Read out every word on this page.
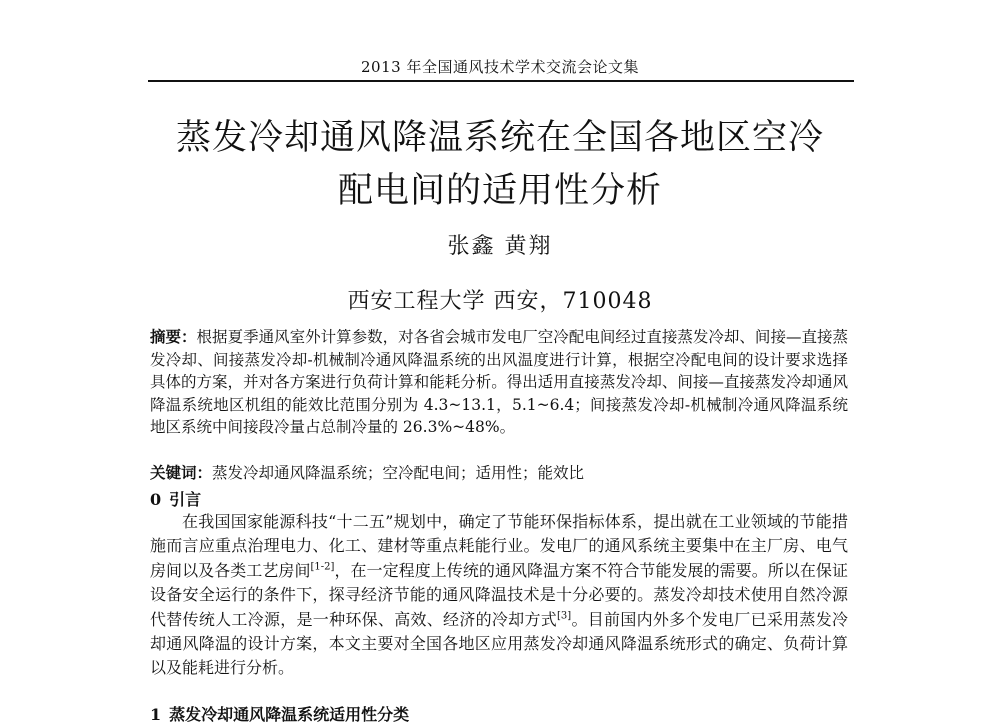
2013 年全国通风技术学术交流会论文集
蒸发冷却通风降温系统在全国各地区空冷
配电间的适用性分析
张鑫 黄翔
西安工程大学 西安，710048

摘要：根据夏季通风室外计算参数，对各省会城市发电厂空冷配电间经过直接蒸发冷却、间接—直接蒸发冷却、间接蒸发冷却-机械制冷通风降温系统的出风温度进行计算，根据空冷配电间的设计要求选择具体的方案，并对各方案进行负荷计算和能耗分析。得出适用直接蒸发冷却、间接—直接蒸发冷却通风降温系统地区机组的能效比范围分别为 4.3~13.1，5.1~6.4；间接蒸发冷却-机械制冷通风降温系统地区系统中间接段冷量占总制冷量的 26.3%~48%。

关键词：蒸发冷却通风降温系统；空冷配电间；适用性；能效比

0 引言

在我国国家能源科技“十二五”规划中，确定了节能环保指标体系，提出就在工业领域的节能措施而言应重点治理电力、化工、建材等重点耗能行业。发电厂的通风系统主要集中在主厂房、电气房间以及各类工艺房间[1-2]，在一定程度上传统的通风降温方案不符合节能发展的需要。所以在保证设备安全运行的条件下，探寻经济节能的通风降温技术是十分必要的。蒸发冷却技术使用自然冷源代替传统人工冷源，是一种环保、高效、经济的冷却方式[3]。目前国内外多个发电厂已采用蒸发冷却通风降温的设计方案，本文主要对全国各地区应用蒸发冷却通风降温系统形式的确定、负荷计算以及能耗进行分析。

1 蒸发冷却通风降温系统适用性分类
